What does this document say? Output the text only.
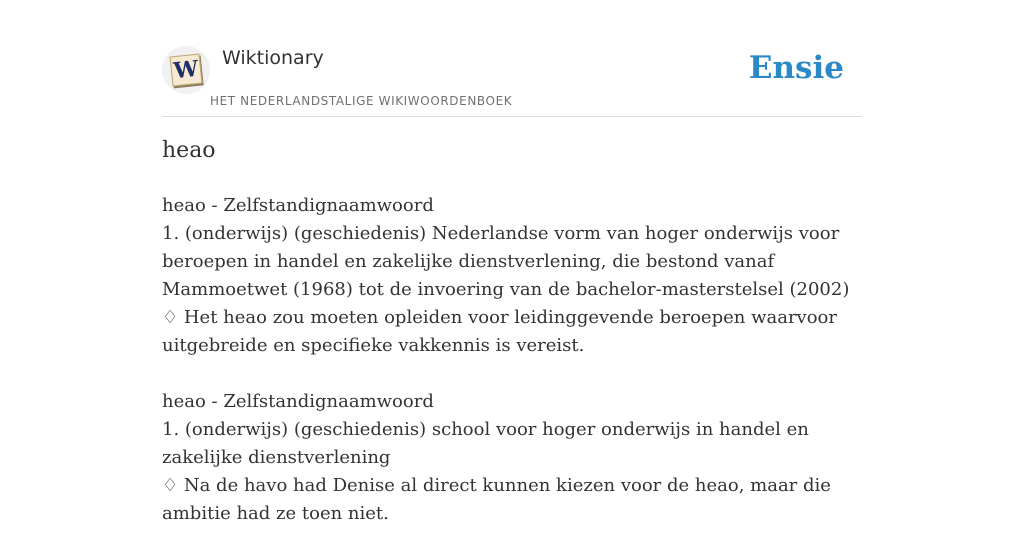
W Wiktionary
HET NEDERLANDSTALIGE WIKIWOORDENBOEK
Ensie
heao

heao - Zelfstandignaamwoord

1. (onderwijs) (geschiedenis) Nederlandse vorm van hoger onderwijs voor beroepen in handel en zakelijke dienstverlening, die bestond vanaf Mammoetwet (1968) tot de invoering van de bachelor-masterstelsel (2002)

♢ Het heao zou moeten opleiden voor leidinggevende beroepen waarvoor uitgebreide en specifieke vakkennis is vereist.

heao - Zelfstandignaamwoord

1. (onderwijs) (geschiedenis) school voor hoger onderwijs in handel en zakelijke dienstverlening

♢ Na de havo had Denise al direct kunnen kiezen voor de heao, maar die ambitie had ze toen niet.
